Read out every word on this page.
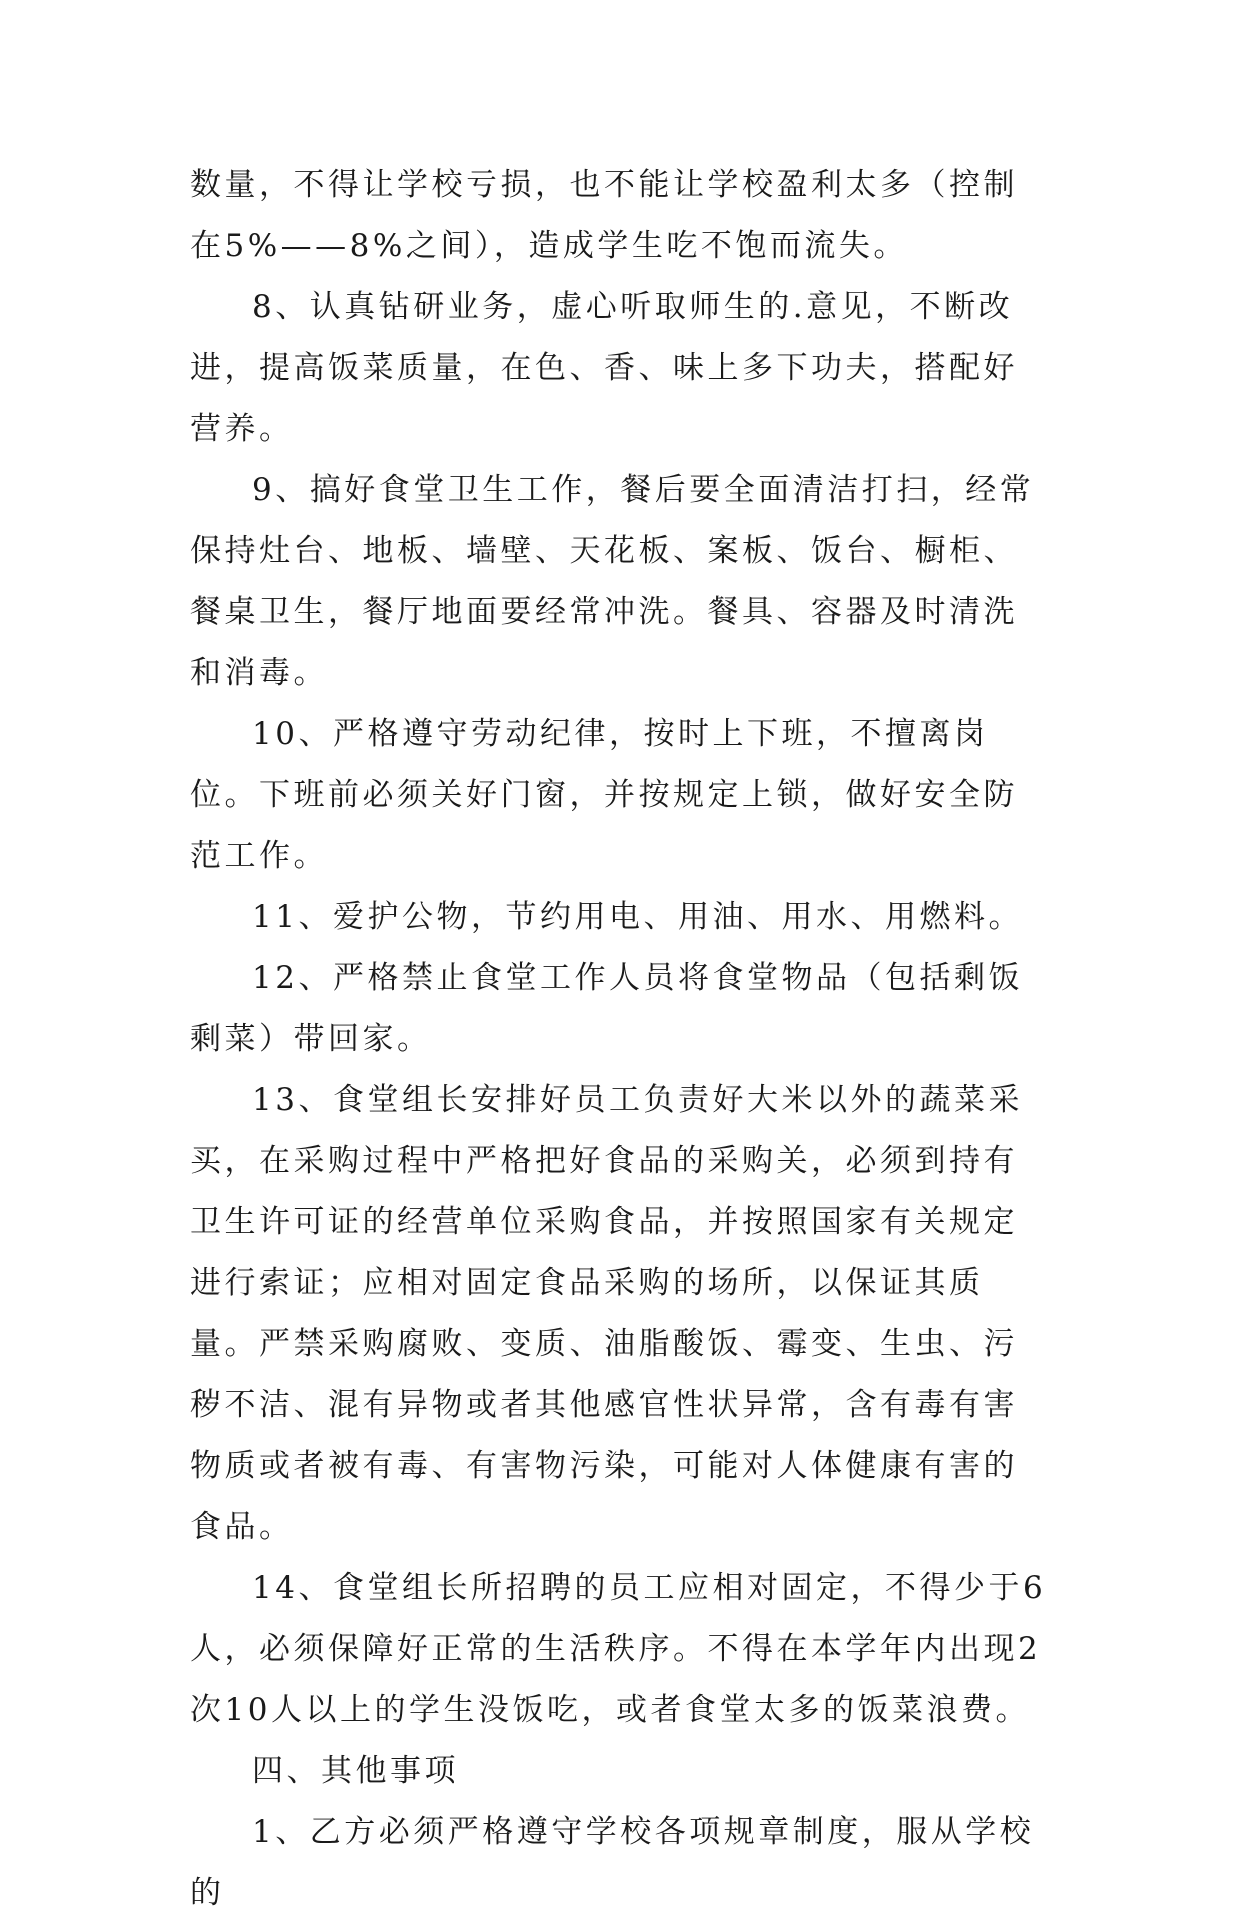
数量，不得让学校亏损，也不能让学校盈利太多（控制在5%——8%之间），造成学生吃不饱而流失。

8、认真钻研业务，虚心听取师生的.意见，不断改进，提高饭菜质量，在色、香、味上多下功夫，搭配好营养。

9、搞好食堂卫生工作，餐后要全面清洁打扫，经常保持灶台、地板、墙壁、天花板、案板、饭台、橱柜、餐桌卫生，餐厅地面要经常冲洗。餐具、容器及时清洗和消毒。

10、严格遵守劳动纪律，按时上下班，不擅离岗位。下班前必须关好门窗，并按规定上锁，做好安全防范工作。

11、爱护公物，节约用电、用油、用水、用燃料。

12、严格禁止食堂工作人员将食堂物品（包括剩饭剩菜）带回家。

13、食堂组长安排好员工负责好大米以外的蔬菜采买，在采购过程中严格把好食品的采购关，必须到持有卫生许可证的经营单位采购食品，并按照国家有关规定进行索证；应相对固定食品采购的场所，以保证其质量。严禁采购腐败、变质、油脂酸饭、霉变、生虫、污秽不洁、混有异物或者其他感官性状异常，含有毒有害物质或者被有毒、有害物污染，可能对人体健康有害的食品。

14、食堂组长所招聘的员工应相对固定，不得少于6人，必须保障好正常的生活秩序。不得在本学年内出现2次10人以上的学生没饭吃，或者食堂太多的饭菜浪费。

四、其他事项

1、乙方必须严格遵守学校各项规章制度，服从学校的
